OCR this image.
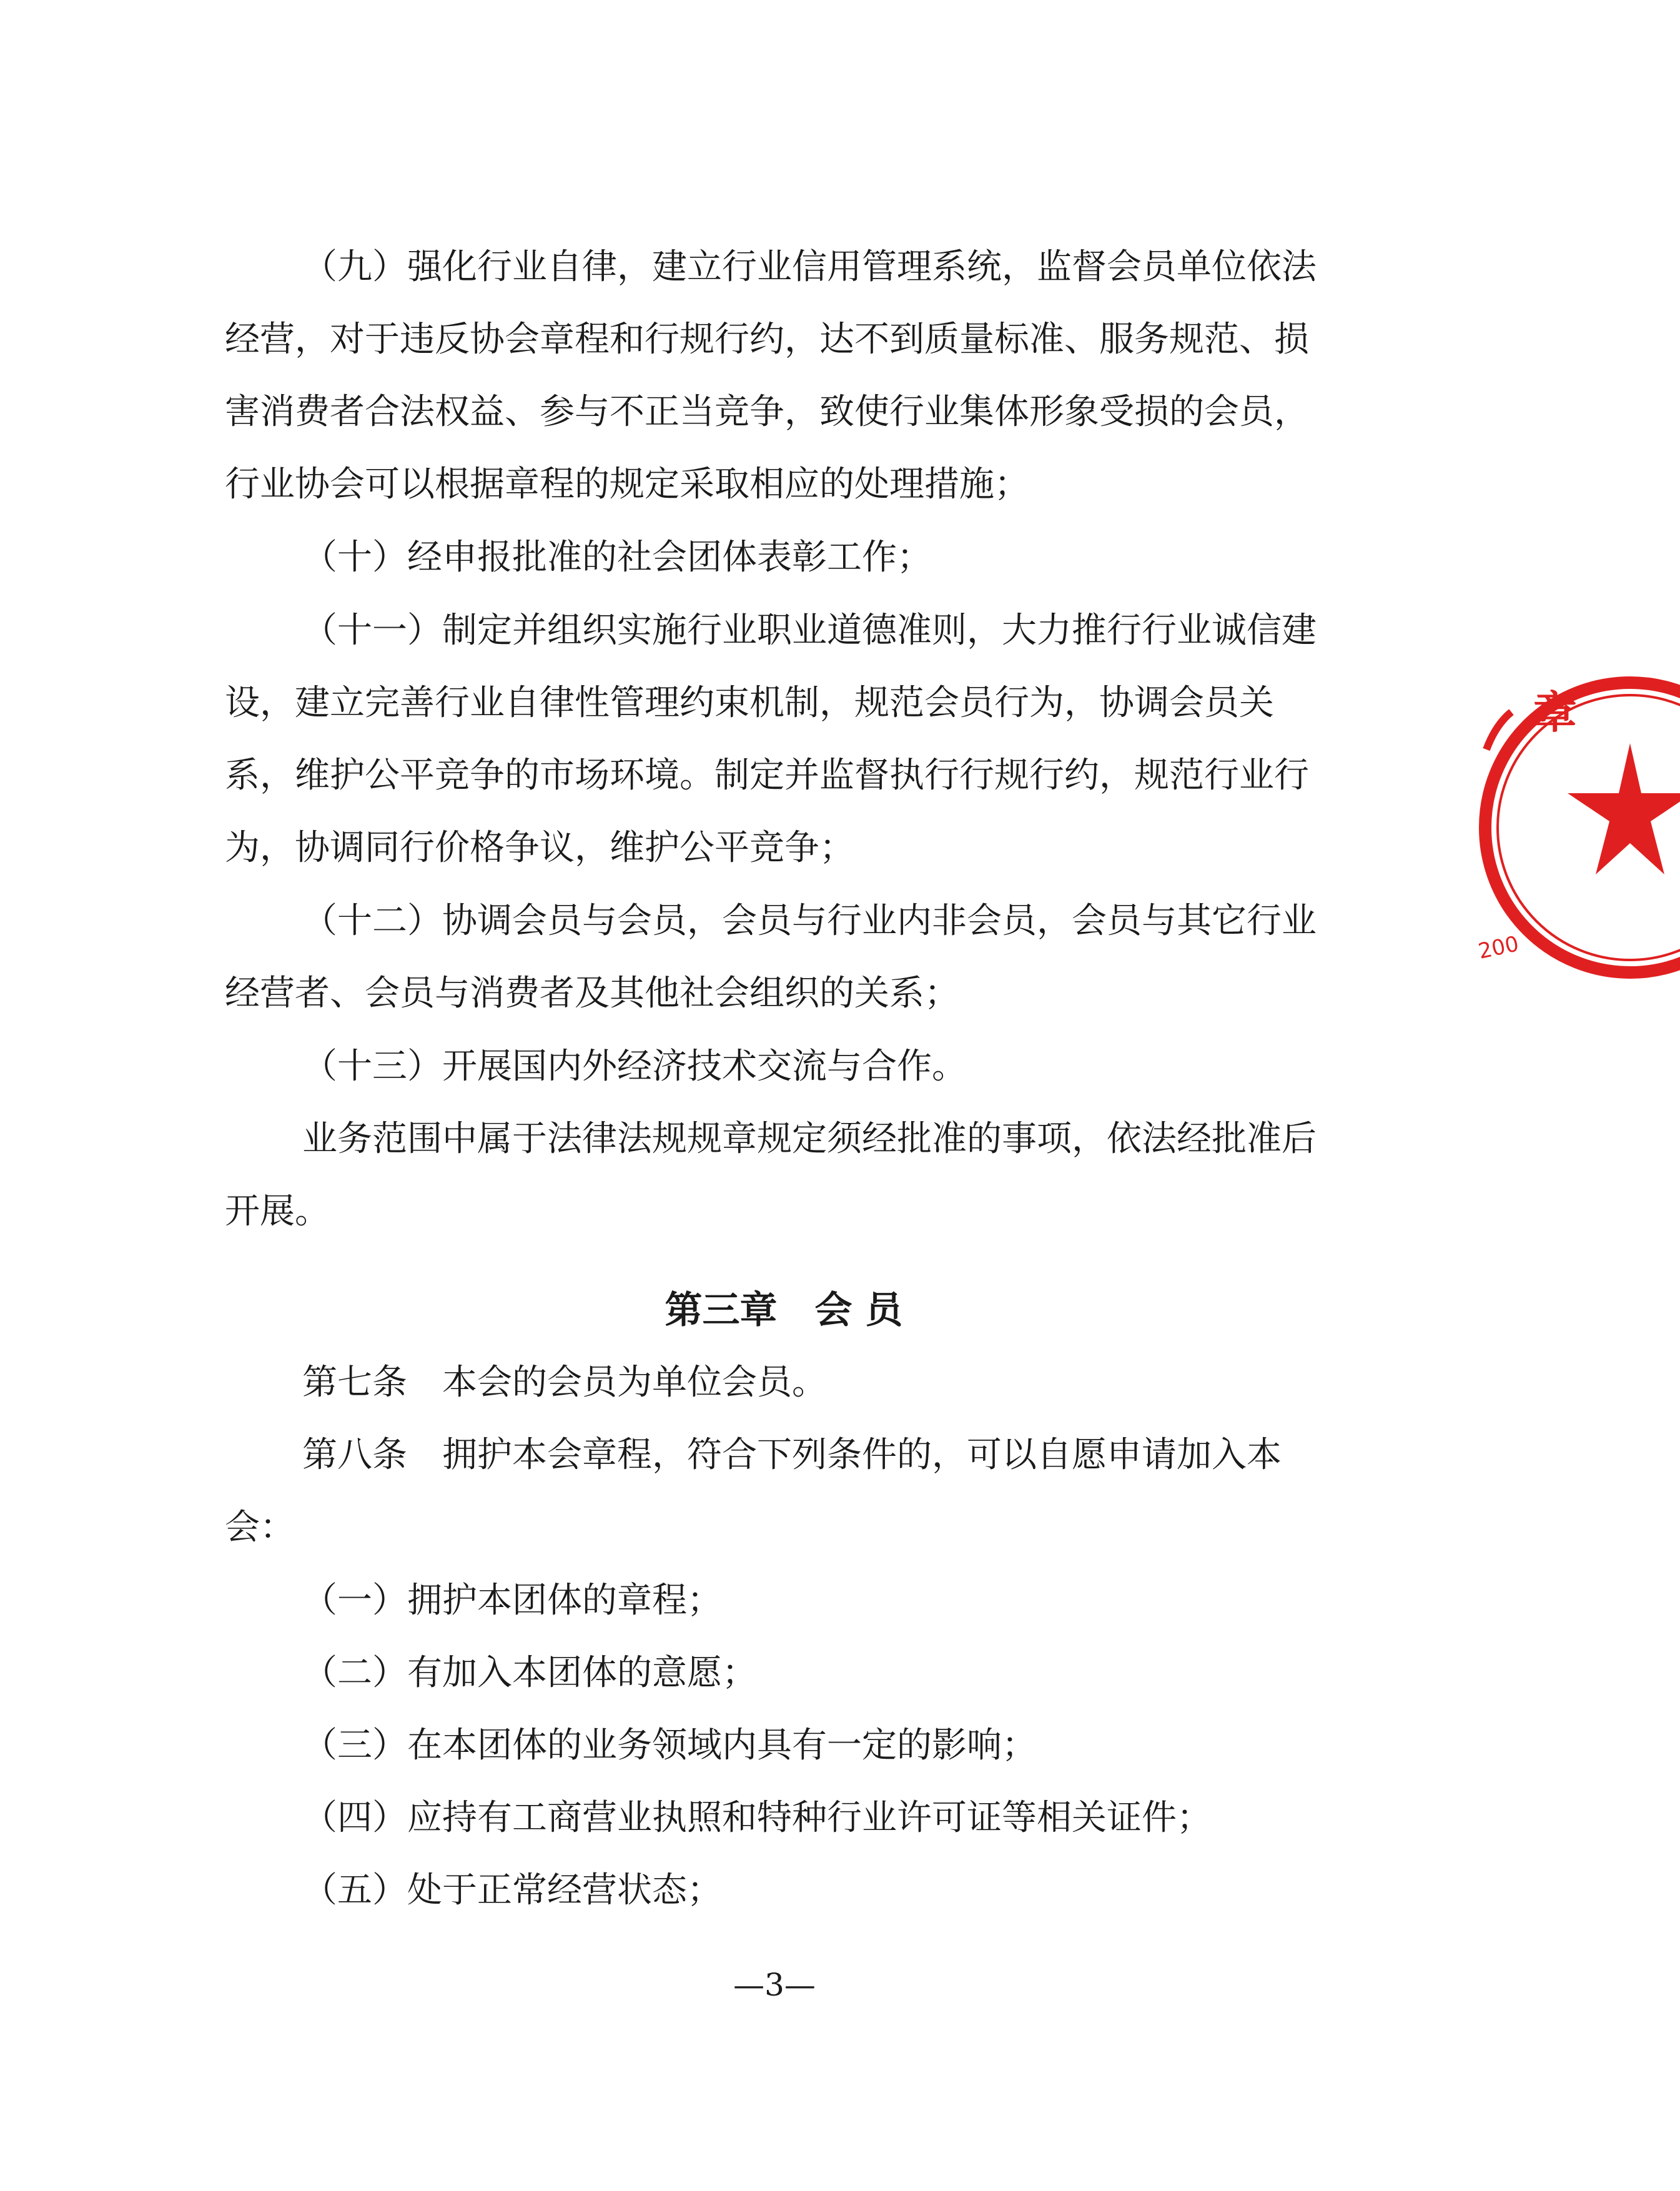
（九）强化行业自律，建立行业信用管理系统，监督会员单位依法经营，对于违反协会章程和行规行约，达不到质量标准、服务规范、损害消费者合法权益、参与不正当竞争，致使行业集体形象受损的会员，行业协会可以根据章程的规定采取相应的处理措施；

（十）经申报批准的社会团体表彰工作；

（十一）制定并组织实施行业职业道德准则，大力推行行业诚信建设，建立完善行业自律性管理约束机制，规范会员行为，协调会员关系，维护公平竞争的市场环境。制定并监督执行行规行约，规范行业行为，协调同行价格争议，维护公平竞争；

（十二）协调会员与会员，会员与行业内非会员，会员与其它行业经营者、会员与消费者及其他社会组织的关系；

（十三）开展国内外经济技术交流与合作。

业务范围中属于法律法规规章规定须经批准的事项，依法经批准后开展。

第三章　会 员

第七条　本会的会员为单位会员。

第八条　拥护本会章程，符合下列条件的，可以自愿申请加入本会：

（一）拥护本团体的章程；

（二）有加入本团体的意愿；

（三）在本团体的业务领域内具有一定的影响；

（四）应持有工商营业执照和特种行业许可证等相关证件；

（五）处于正常经营状态；

—3—
章
200
